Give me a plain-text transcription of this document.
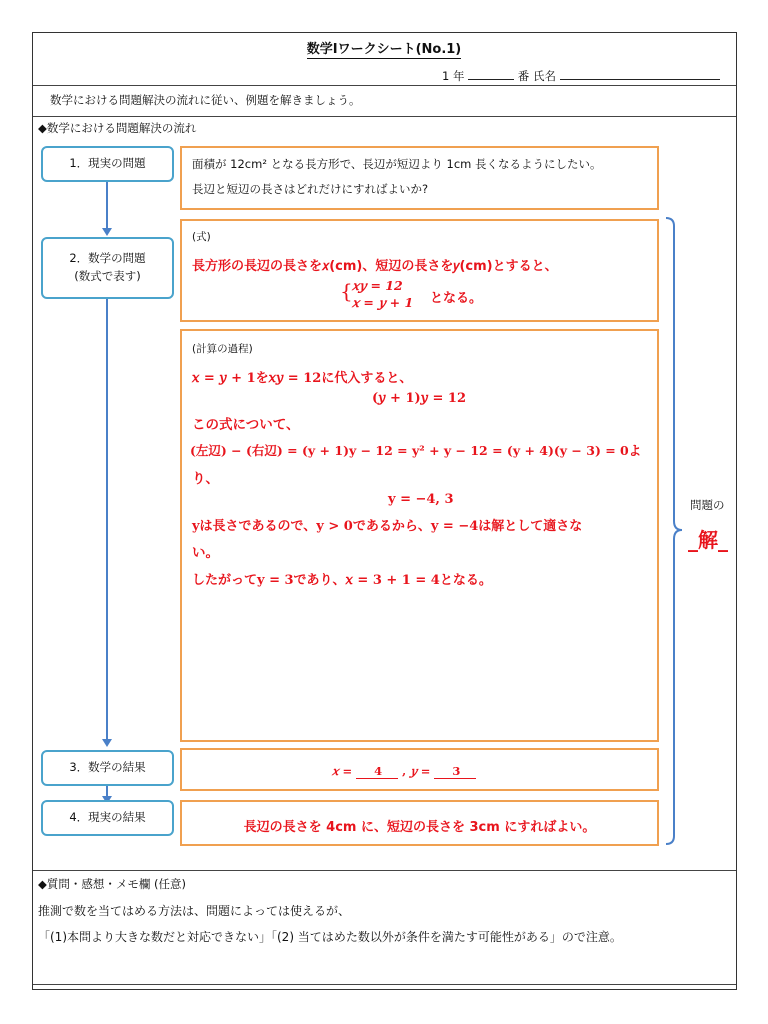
数学Ⅰワークシート(No.1)
1 年	番 氏名
数学における問題解決の流れに従い、例題を解きましょう。
◆数学における問題解決の流れ
1．現実の問題
2．数学の問題
(数式で表す)
3．数学の結果
4．現実の結果
面積が 12cm² となる長方形で、長辺が短辺より 1cm 長くなるようにしたい。
長辺と短辺の長さはどれだけにすればよいか?
(式)
長方形の長辺の長さを𝑥(cm)、短辺の長さを𝑦(cm)とすると、
{ 𝑥𝑦 = 12
𝑥 = 𝑦 + 1 となる。
(計算の過程)
𝑥 = 𝑦 + 1を𝑥𝑦 = 12に代入すると、
(𝑦 + 1)𝑦 = 12
この式について、
(左辺) − (右辺) = (y + 1)y − 12 = y² + y − 12 = (y + 4)(y − 3) = 0よ
り、
y = −4, 3
yは長さであるので、y > 0であるから、y = −4は解として適さな
い。
したがってy = 3であり、𝑥 = 3 + 1 = 4となる。
𝑥 = 4 , 𝑦 = 3
長辺の長さを 4cm に、短辺の長さを 3cm にすればよい。
問題の
_解_
◆質問・感想・メモ欄 (任意)
推測で数を当てはめる方法は、問題によっては使えるが、
「(1)本問より大きな数だと対応できない」「(2) 当てはめた数以外が条件を満たす可能性がある」ので注意。
